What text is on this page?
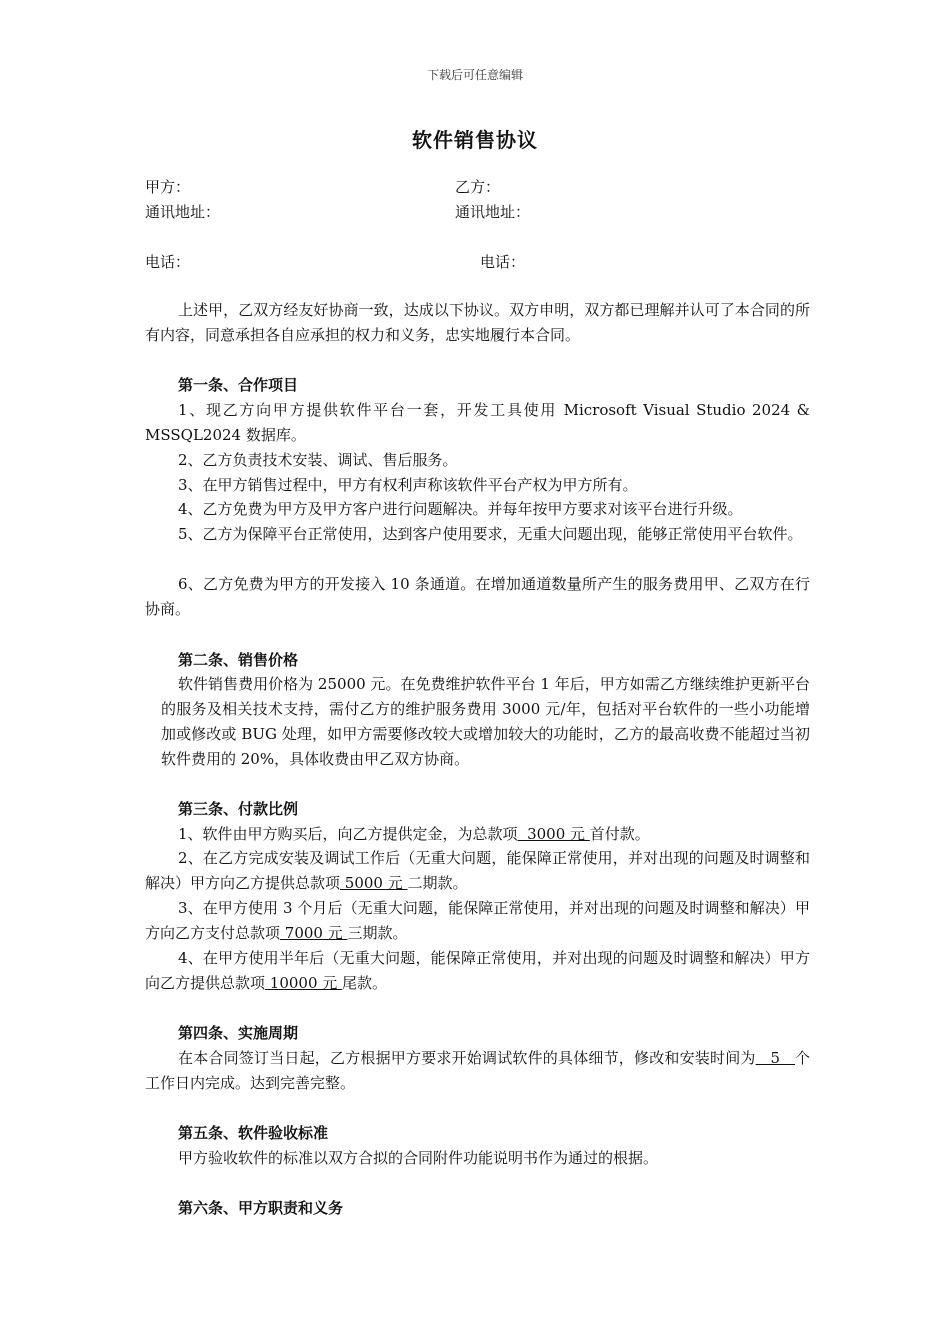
下载后可任意编辑
软件销售协议
甲方：	乙方：
通讯地址：	通讯地址：
电话：	电话：
上述甲，乙双方经友好协商一致，达成以下协议。双方申明，双方都已理解并认可了本合同的所有内容，同意承担各自应承担的权力和义务，忠实地履行本合同。
第一条、合作项目
1、现乙方向甲方提供软件平台一套，开发工具使用 Microsoft Visual Studio 2024 & MSSQL2024 数据库。
2、乙方负责技术安装、调试、售后服务。
3、在甲方销售过程中，甲方有权利声称该软件平台产权为甲方所有。
4、乙方免费为甲方及甲方客户进行问题解决。并每年按甲方要求对该平台进行升级。
5、乙方为保障平台正常使用，达到客户使用要求，无重大问题出现，能够正常使用平台软件。
6、乙方免费为甲方的开发接入 10 条通道。在增加通道数量所产生的服务费用甲、乙双方在行协商。
第二条、销售价格
软件销售费用价格为 25000 元。在免费维护软件平台 1 年后，甲方如需乙方继续维护更新平台的服务及相关技术支持，需付乙方的维护服务费用 3000 元/年，包括对平台软件的一些小功能增加或修改或 BUG 处理，如甲方需要修改较大或增加较大的功能时，乙方的最高收费不能超过当初软件费用的 20%，具体收费由甲乙双方协商。
第三条、付款比例
1、软件由甲方购买后，向乙方提供定金，为总款项  3000 元 首付款。
2、在乙方完成安装及调试工作后（无重大问题，能保障正常使用，并对出现的问题及时调整和解决）甲方向乙方提供总款项 5000 元 二期款。
3、在甲方使用 3 个月后（无重大问题，能保障正常使用，并对出现的问题及时调整和解决）甲方向乙方支付总款项 7000 元 三期款。
4、在甲方使用半年后（无重大问题，能保障正常使用，并对出现的问题及时调整和解决）甲方向乙方提供总款项 10000 元 尾款。
第四条、实施周期
在本合同签订当日起，乙方根据甲方要求开始调试软件的具体细节，修改和安装时间为   5   个工作日内完成。达到完善完整。
第五条、软件验收标准
甲方验收软件的标准以双方合拟的合同附件功能说明书作为通过的根据。
第六条、甲方职责和义务
